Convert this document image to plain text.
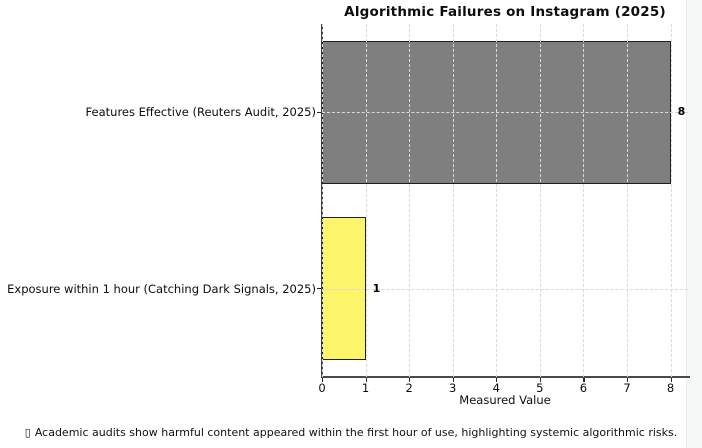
Algorithmic Failures on Instagram (2025)
Measured Value
▯ Academic audits show harmful content appeared within the first hour of use, highlighting systemic algorithmic risks.
0	1	2	3	4	5	6	7	8
Features Effective (Reuters Audit, 2025)	8
Exposure within 1 hour (Catching Dark Signals, 2025)	1
